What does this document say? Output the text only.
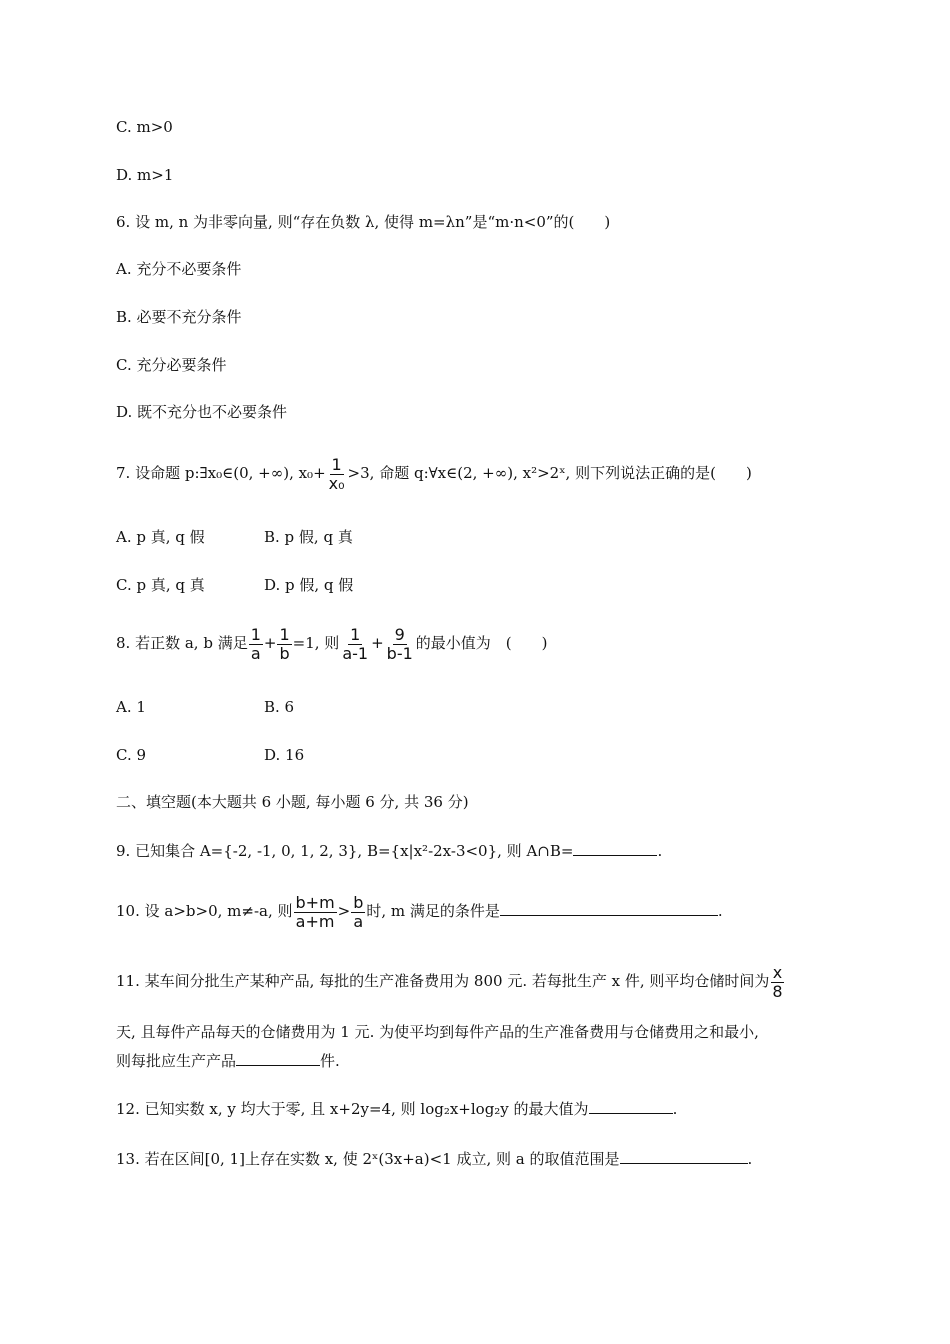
C. m>0
D. m>1
6. 设 m, n 为非零向量, 则“存在负数 λ, 使得 m=λn”是“m·n<0”的(　　)
A. 充分不必要条件
B. 必要不充分条件
C. 充分必要条件
D. 既不充分也不必要条件
7. 设命题 p:∃x₀∈(0, +∞), $x_0+ \frac{1}{\text{x₀}} >3$, 命题 q:∀x∈(2, +∞), x²>2ˣ, 则下列说法正确的是(　　)
A. p 真, q 假	B. p 假, q 真
C. p 真, q 真	D. p 假, q 假
8. 若正数 a, b 满足 $\frac{1}{a} + \frac{1}{b} =1$, 则 $\frac{1}{a-1} + \frac{9}{b-1}$ 的最小值为　(　　)
A. 1	B. 6
C. 9	D. 16
二、填空题(本大题共 6 小题, 每小题 6 分, 共 36 分)
9. 已知集合 A={-2, -1, 0, 1, 2, 3}, B={x|x²-2x-3<0}, 则 A∩B=	.
10. 设 a>b>0, m≠-a, 则 $\frac{b+m}{a+m} > \frac{b}{a}$ 时, m 满足的条件是	.
11. 某车间分批生产某种产品, 每批的生产准备费用为 800 元. 若每批生产 x 件, 则平均仓储时间为 $\frac{x}{8}$
天, 且每件产品每天的仓储费用为 1 元. 为使平均到每件产品的生产准备费用与仓储费用之和最小,
则每批应生产产品	件.
12. 已知实数 x, y 均大于零, 且 x+2y=4, 则 log₂x+log₂y 的最大值为	.
13. 若在区间[0, 1]上存在实数 x, 使 2ˣ(3x+a)<1 成立, 则 a 的取值范围是	.
